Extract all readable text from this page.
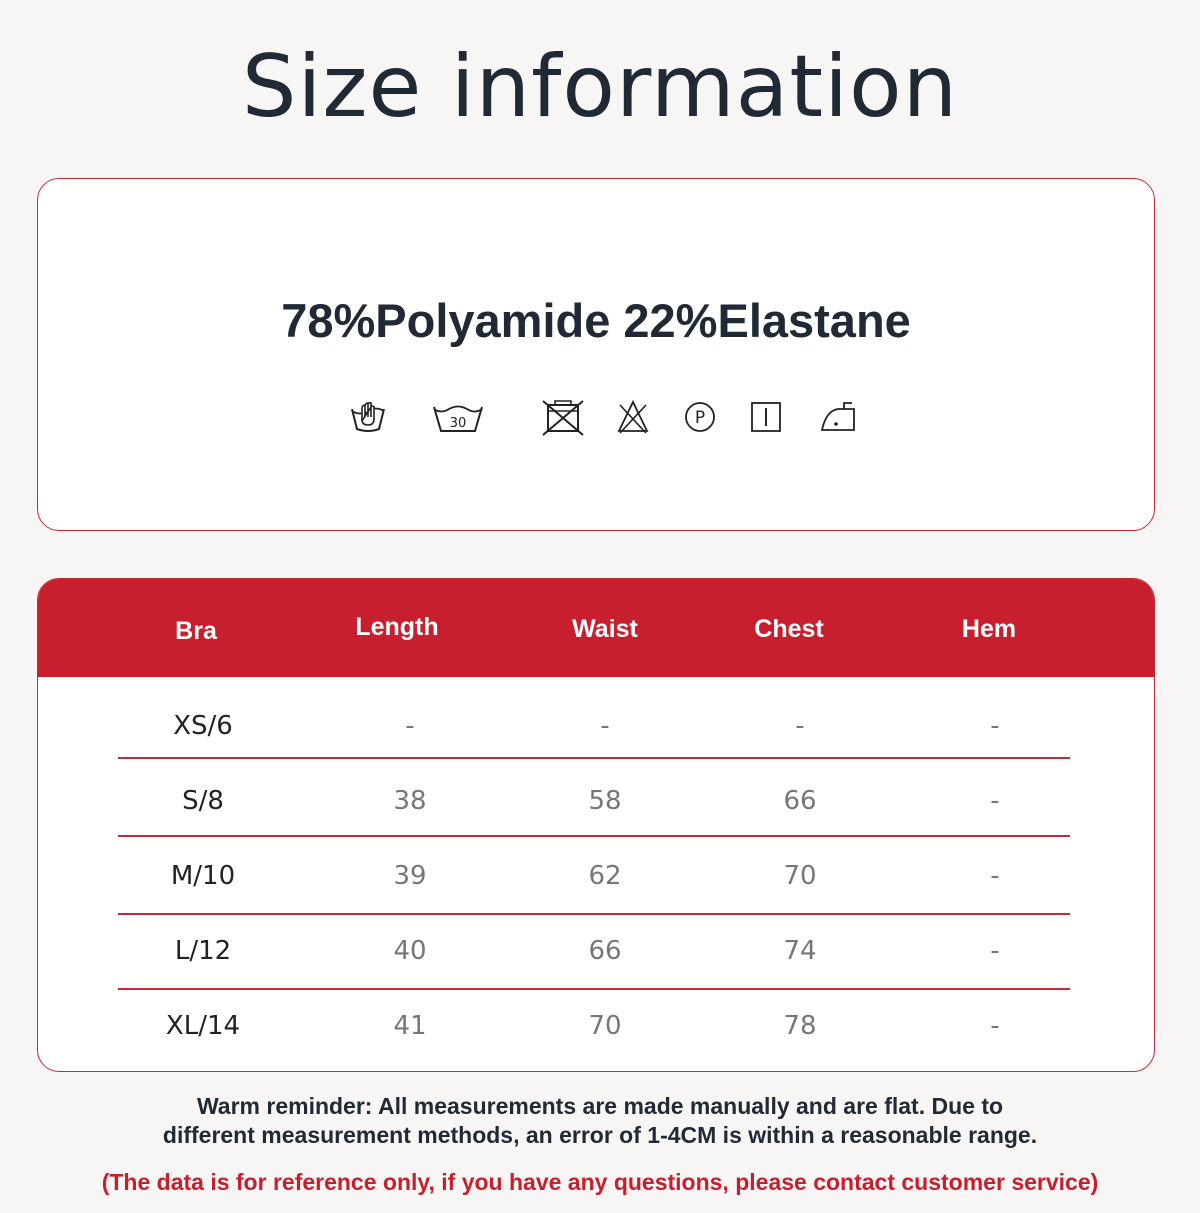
Size information
78%Polyamide 22%Elastane
30	P
Bra	Length	Waist	Chest	Hem
XS/6	-	-	-	-
S/8	38	58	66	-
M/10	39	62	70	-
L/12	40	66	74	-
XL/14	41	70	78	-
Warm reminder: All measurements are made manually and are flat. Due to
different measurement methods, an error of 1-4CM is within a reasonable range.
(The data is for reference only, if you have any questions, please contact customer service)
